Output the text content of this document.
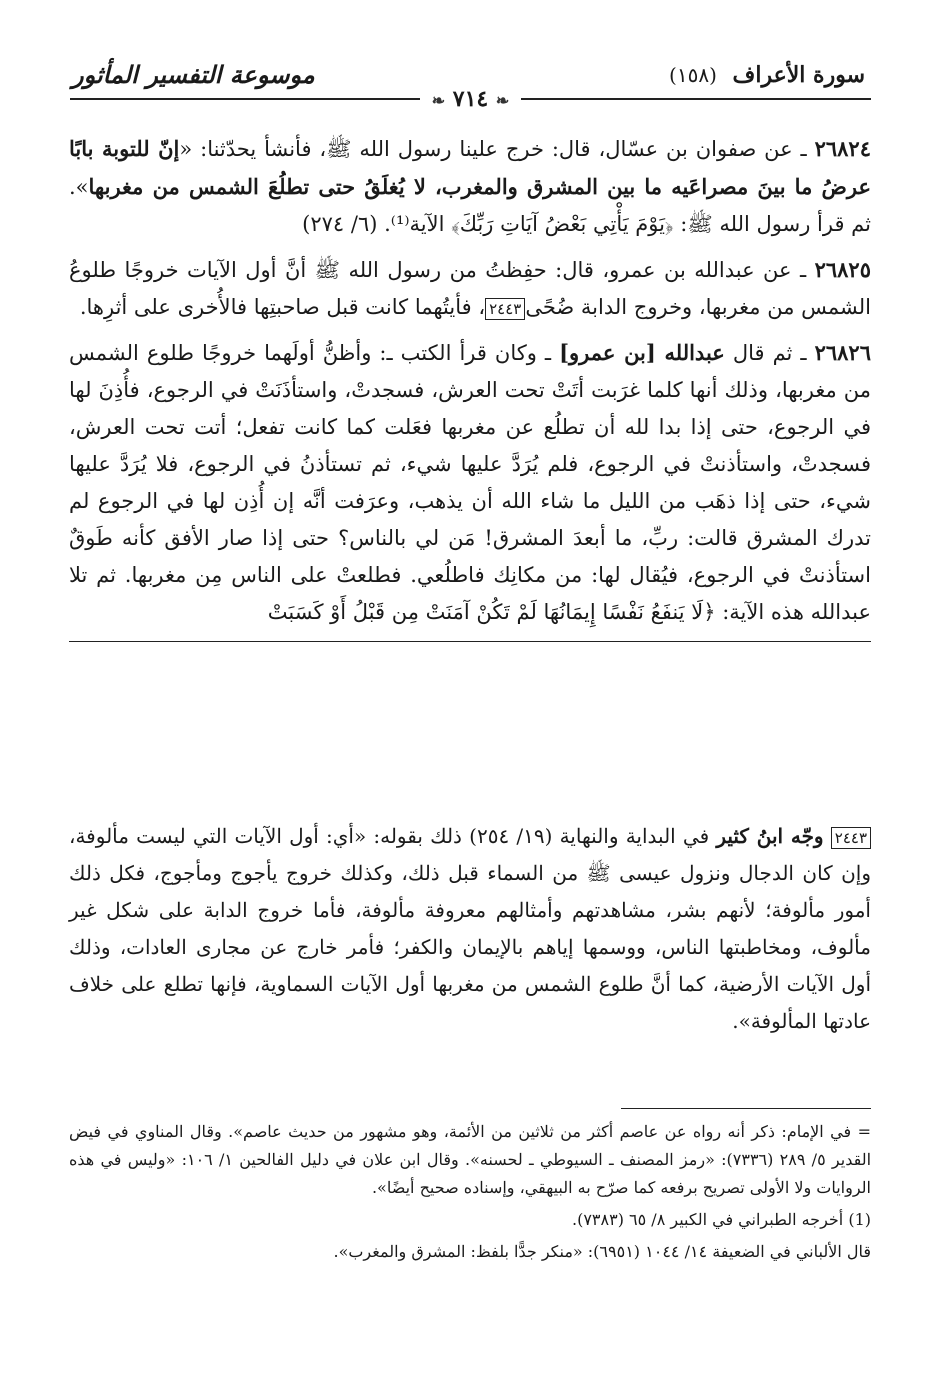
سورة الأعراف (١٥٨)
موسوعة التفسير المأثور
❧ ٧١٤ ❧

٢٦٨٢٤ ـ عن صفوان بن عسّال، قال: خرج علينا رسول الله ﷺ، فأنشأ يحدّثنا: «إنّ للتوبة بابًا عرضُ ما بينَ مصراعَيه ما بين المشرق والمغرب، لا يُغلَقُ حتى تطلُعَ الشمس من مغربها». ثم قرأ رسول الله ﷺ: ﴿يَوْمَ يَأْتِي بَعْضُ آيَاتِ رَبِّكَ﴾ الآية⁽¹⁾. (٦/ ٢٧٤)

٢٦٨٢٥ ـ عن عبدالله بن عمرو، قال: حفِظتُ من رسول الله ﷺ أنَّ أول الآيات خروجًا طلوعُ الشمس من مغربها، وخروج الدابة ضُحًى٢٤٤٣، فأيتُهما كانت قبل صاحبتِها فالأُخرى على أثرِها.

٢٦٨٢٦ ـ ثم قال عبدالله [بن عمرو] ـ وكان قرأ الكتب ـ: وأظنُّ أولَهما خروجًا طلوع الشمس من مغربها، وذلك أنها كلما غرَبت أتَتْ تحت العرش، فسجدتْ، واستأذَنَتْ في الرجوع، فأُذِنَ لها في الرجوع، حتى إذا بدا لله أن تطلُع عن مغربها فعَلت كما كانت تفعل؛ أتت تحت العرش، فسجدتْ، واستأذنتْ في الرجوع، فلم يُرَدَّ عليها شيء، ثم تستأذنُ في الرجوع، فلا يُرَدَّ عليها شيء، حتى إذا ذهَب من الليل ما شاء الله أن يذهب، وعرَفت أنَّه إن أُذِن لها في الرجوع لم تدرك المشرق قالت: ربِّ، ما أبعدَ المشرق! مَن لي بالناس؟ حتى إذا صار الأفق كأنه طَوقٌ استأذنتْ في الرجوع، فيُقال لها: من مكانِك فاطلُعي. فطلعتْ على الناس مِن مغربها. ثم تلا عبدالله هذه الآية: ﴿لَا يَنفَعُ نَفْسًا إِيمَانُهَا لَمْ تَكُنْ آمَنَتْ مِن قَبْلُ أَوْ كَسَبَتْ

٢٤٤٣ وجّه ابنُ كثير في البداية والنهاية (١٩/ ٢٥٤) ذلك بقوله: «أي: أول الآيات التي ليست مألوفة، وإن كان الدجال ونزول عيسى ﷺ من السماء قبل ذلك، وكذلك خروج يأجوج ومأجوج، فكل ذلك أمور مألوفة؛ لأنهم بشر، مشاهدتهم وأمثالهم معروفة مألوفة، فأما خروج الدابة على شكل غير مألوف، ومخاطبتها الناس، ووسمها إياهم بالإيمان والكفر؛ فأمر خارج عن مجارى العادات، وذلك أول الآيات الأرضية، كما أنَّ طلوع الشمس من مغربها أول الآيات السماوية، فإنها تطلع على خلاف عادتها المألوفة».

= في الإمام: ذكر أنه رواه عن عاصم أكثر من ثلاثين من الأئمة، وهو مشهور من حديث عاصم». وقال المناوي في فيض القدير ٥/ ٢٨٩ (٧٣٣٦): «رمز المصنف ـ السيوطي ـ لحسنه». وقال ابن علان في دليل الفالحين ١/ ١٠٦: «وليس في هذه الروايات ولا الأولى تصريح برفعه كما صرّح به البيهقي، وإسناده صحيح أيضًا».

(1) أخرجه الطبراني في الكبير ٨/ ٦٥ (٧٣٨٣).

قال الألباني في الضعيفة ١٤/ ١٠٤٤ (٦٩٥١): «منكر جدًّا بلفظ: المشرق والمغرب».
